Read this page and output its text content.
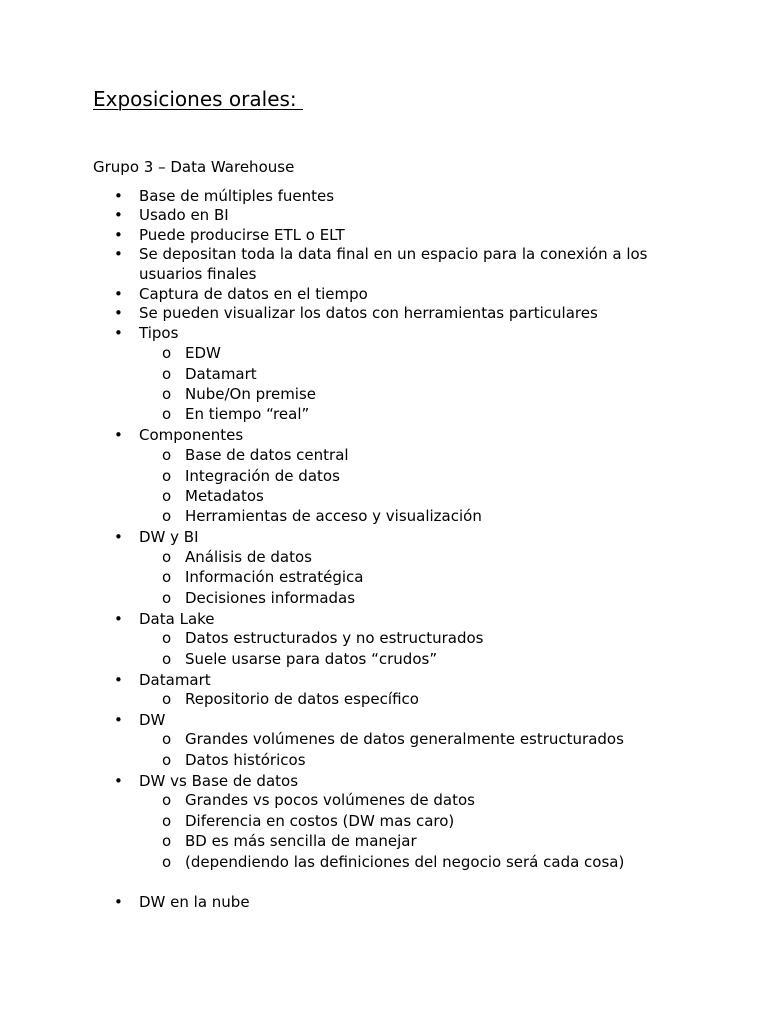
Exposiciones orales:
Grupo 3 – Data Warehouse
• Base de múltiples fuentes
• Usado en BI
• Puede producirse ETL o ELT
• Se depositan toda la data final en un espacio para la conexión a los usuarios finales
• Captura de datos en el tiempo
• Se pueden visualizar los datos con herramientas particulares
• Tipos
o EDW
o Datamart
o Nube/On premise
o En tiempo “real”
• Componentes
o Base de datos central
o Integración de datos
o Metadatos
o Herramientas de acceso y visualización
• DW y BI
o Análisis de datos
o Información estratégica
o Decisiones informadas
• Data Lake
o Datos estructurados y no estructurados
o Suele usarse para datos “crudos”
• Datamart
o Repositorio de datos específico
• DW
o Grandes volúmenes de datos generalmente estructurados
o Datos históricos
• DW vs Base de datos
o Grandes vs pocos volúmenes de datos
o Diferencia en costos (DW mas caro)
o BD es más sencilla de manejar
o (dependiendo las definiciones del negocio será cada cosa)
• DW en la nube
